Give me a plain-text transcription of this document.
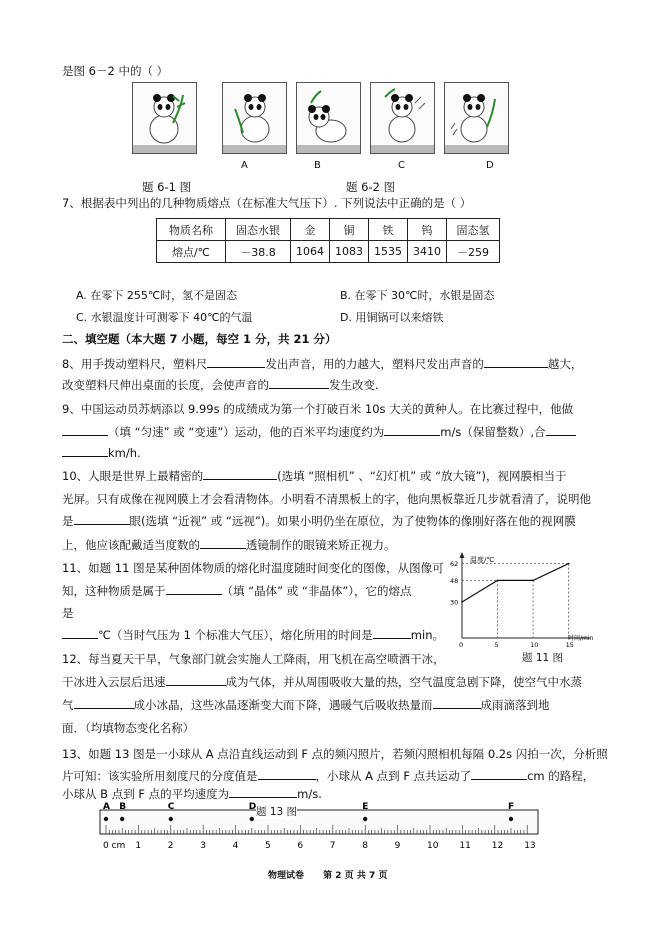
是图 6－2 中的（ ）
A	B	C	D
题 6-1 图	题 6-2 图
7、根据表中列出的几种物质熔点（在标准大气压下）. 下列说法中正确的是（ ）
物质名称	固态水银	金	铜	铁	钨	固态氢
熔点/℃	－38.8	1064	1083	1535	3410	－259
A. 在零下 255℃时，氢不是固态	B. 在零下 30℃时，水银是固态
C. 水银温度计可测零下 40℃的气温	D. 用铜锅可以来熔铁
二、填空题（本大题 7 小题，每空 1 分，共 21 分）
8、用手拨动塑料尺，塑料尺	发出声音，用的力越大，塑料尺发出声音的	越大，
改变塑料尺伸出桌面的长度，会使声音的	发生改变.
9、中国运动员苏炳添以 9.99s 的成绩成为第一个打破百米 10s 大关的黄种人。在比赛过程中，他做
（填 “匀速” 或 “变速”）运动，他的百米平均速度约为	m/s（保留整数）,合
km/h.
10、人眼是世界上最精密的	(选填 “照相机” 、“幻灯机” 或 “放大镜”)，视网膜相当于
光屏。只有成像在视网膜上才会看清物体。小明看不清黑板上的字，他向黑板靠近几步就看清了，说明他
是	眼(选填 “近视” 或 “远视”)。如果小明仍坐在原位，为了使物体的像刚好落在他的视网膜
上，他应该配戴适当度数的	透镜制作的眼镜来矫正视力。
11、如题 11 图是某种固体物质的熔化时温度随时间变化的图像，从图像可
知，这种物质是属于	（填 “晶体” 或 “非晶体”），它的熔点
是
℃（当时气压为 1 个标准大气压），熔化所用的时间是	min。
温度/℃
时间/min
0	5	10	15
30
48
62
题 11 图
12、每当夏天干旱，气象部门就会实施人工降雨，用飞机在高空喷酒干冰，
干冰进入云层后迅速	成为气体，并从周围吸收大量的热，空气温度急剧下降，使空气中水蒸
气	成小冰晶，这些冰晶逐渐变大而下降，遇暖气后吸收热量而	成雨滴落到地
面．（均填物态变化名称）
13、如题 13 图是一小球从 A 点沿直线运动到 F 点的频闪照片，若频闪照相机每隔 0.2s 闪拍一次，分析照
片可知：该实验所用刻度尺的分度值是	，小球从 A 点到 F 点共运动了	cm 的路程，
小球从 B 点到 F 点的平均速度为	m/s.
0 cm 1	2	3	4	5	6	7	8	9	10 11 12 13
A B	C	D	E	F
题 13 图
物理试卷 第 2 页 共 7 页
